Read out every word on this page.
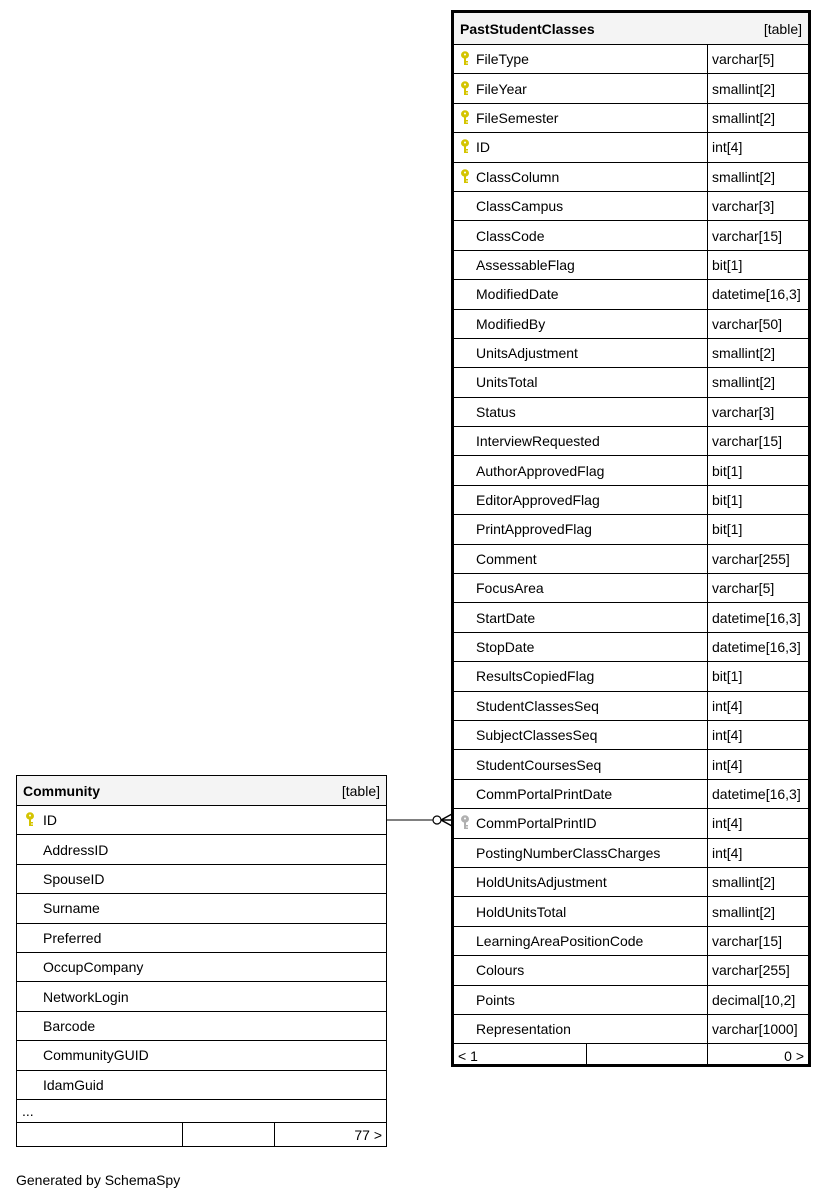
PastStudentClasses	[table]
FileType	varchar[5]
FileYear	smallint[2]
FileSemester	smallint[2]
ID	int[4]
ClassColumn	smallint[2]
ClassCampus	varchar[3]
ClassCode	varchar[15]
AssessableFlag	bit[1]
ModifiedDate	datetime[16,3]
ModifiedBy	varchar[50]
UnitsAdjustment	smallint[2]
UnitsTotal	smallint[2]
Status	varchar[3]
InterviewRequested	varchar[15]
AuthorApprovedFlag	bit[1]
EditorApprovedFlag	bit[1]
PrintApprovedFlag	bit[1]
Comment	varchar[255]
FocusArea	varchar[5]
StartDate	datetime[16,3]
StopDate	datetime[16,3]
ResultsCopiedFlag	bit[1]
StudentClassesSeq	int[4]
SubjectClassesSeq	int[4]
StudentCoursesSeq	int[4]
CommPortalPrintDate	datetime[16,3]
CommPortalPrintID	int[4]
PostingNumberClassCharges	int[4]
HoldUnitsAdjustment	smallint[2]
HoldUnitsTotal	smallint[2]
LearningAreaPositionCode	varchar[15]
Colours	varchar[255]
Points	decimal[10,2]
Representation	varchar[1000]
< 1	0 >
Community	[table]
ID
AddressID
SpouseID
Surname
Preferred
OccupCompany
NetworkLogin
Barcode
CommunityGUID
IdamGuid
...
77 >
Generated by SchemaSpy
